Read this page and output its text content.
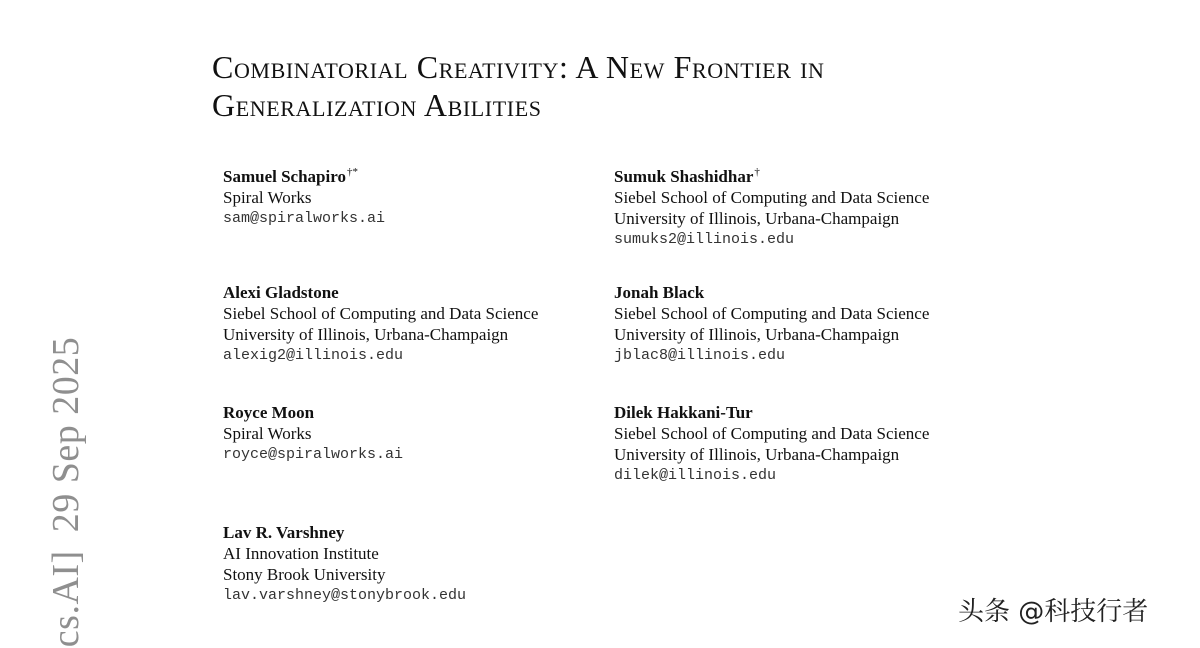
cs.AI]29 Sep 2025
Combinatorial Creativity: A New Frontier in
Generalization Abilities
Samuel Schapiro†*
Spiral Works
sam@spiralworks.ai
Sumuk Shashidhar†
Siebel School of Computing and Data Science
University of Illinois, Urbana-Champaign
sumuks2@illinois.edu
Alexi Gladstone
Siebel School of Computing and Data Science
University of Illinois, Urbana-Champaign
alexig2@illinois.edu
Jonah Black
Siebel School of Computing and Data Science
University of Illinois, Urbana-Champaign
jblac8@illinois.edu
Royce Moon
Spiral Works
royce@spiralworks.ai
Dilek Hakkani-Tur
Siebel School of Computing and Data Science
University of Illinois, Urbana-Champaign
dilek@illinois.edu
Lav R. Varshney
AI Innovation Institute
Stony Brook University
lav.varshney@stonybrook.edu
头条 @科技行者
